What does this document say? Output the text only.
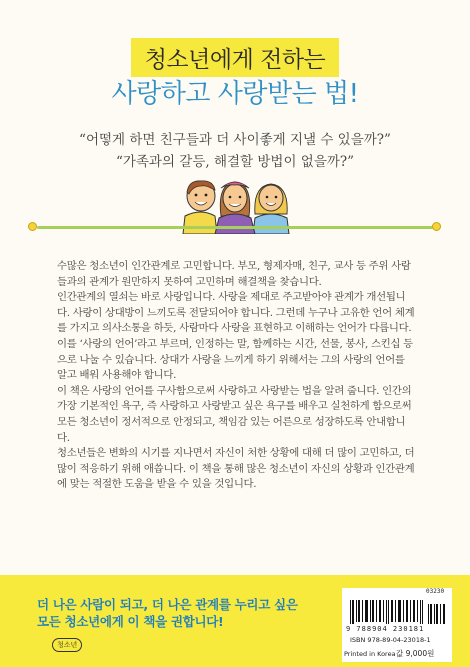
청소년에게 전하는
사랑하고 사랑받는 법!
“어떻게 하면 친구들과 더 사이좋게 지낼 수 있을까?”
“가족과의 갈등, 해결할 방법이 없을까?”

수많은 청소년이 인간관계로 고민합니다. 부모, 형제자매, 친구, 교사 등 주위 사람들과의 관계가 원만하지 못하여 고민하며 해결책을 찾습니다.

인간관계의 열쇠는 바로 사랑입니다. 사랑을 제대로 주고받아야 관계가 개선됩니다. 사랑이 상대방이 느끼도록 전달되어야 합니다. 그런데 누구나 고유한 언어 체계를 가지고 의사소통을 하듯, 사람마다 사랑을 표현하고 이해하는 언어가 다릅니다. 이를 ‘사랑의 언어’라고 부르며, 인정하는 말, 함께하는 시간, 선물, 봉사, 스킨십 등으로 나눌 수 있습니다. 상대가 사랑을 느끼게 하기 위해서는 그의 사랑의 언어를 알고 배워 사용해야 합니다.

이 책은 사랑의 언어를 구사함으로써 사랑하고 사랑받는 법을 알려 줍니다. 인간의 가장 기본적인 욕구, 즉 사랑하고 사랑받고 싶은 욕구를 배우고 실천하게 함으로써 모든 청소년이 정서적으로 안정되고, 책임감 있는 어른으로 성장하도록 안내합니다.

청소년들은 변화의 시기를 지나면서 자신이 처한 상황에 대해 더 많이 고민하고, 더 많이 적응하기 위해 애씁니다. 이 책을 통해 많은 청소년이 자신의 상황과 인간관계에 맞는 적절한 도움을 받을 수 있을 것입니다.

더 나은 사람이 되고, 더 나은 관계를 누리고 싶은
모든 청소년에게 이 책을 권합니다!
청소년
03230
9 788904 230181
ISBN 978-89-04-23018-1
Printed in Korea 값 9,000원
